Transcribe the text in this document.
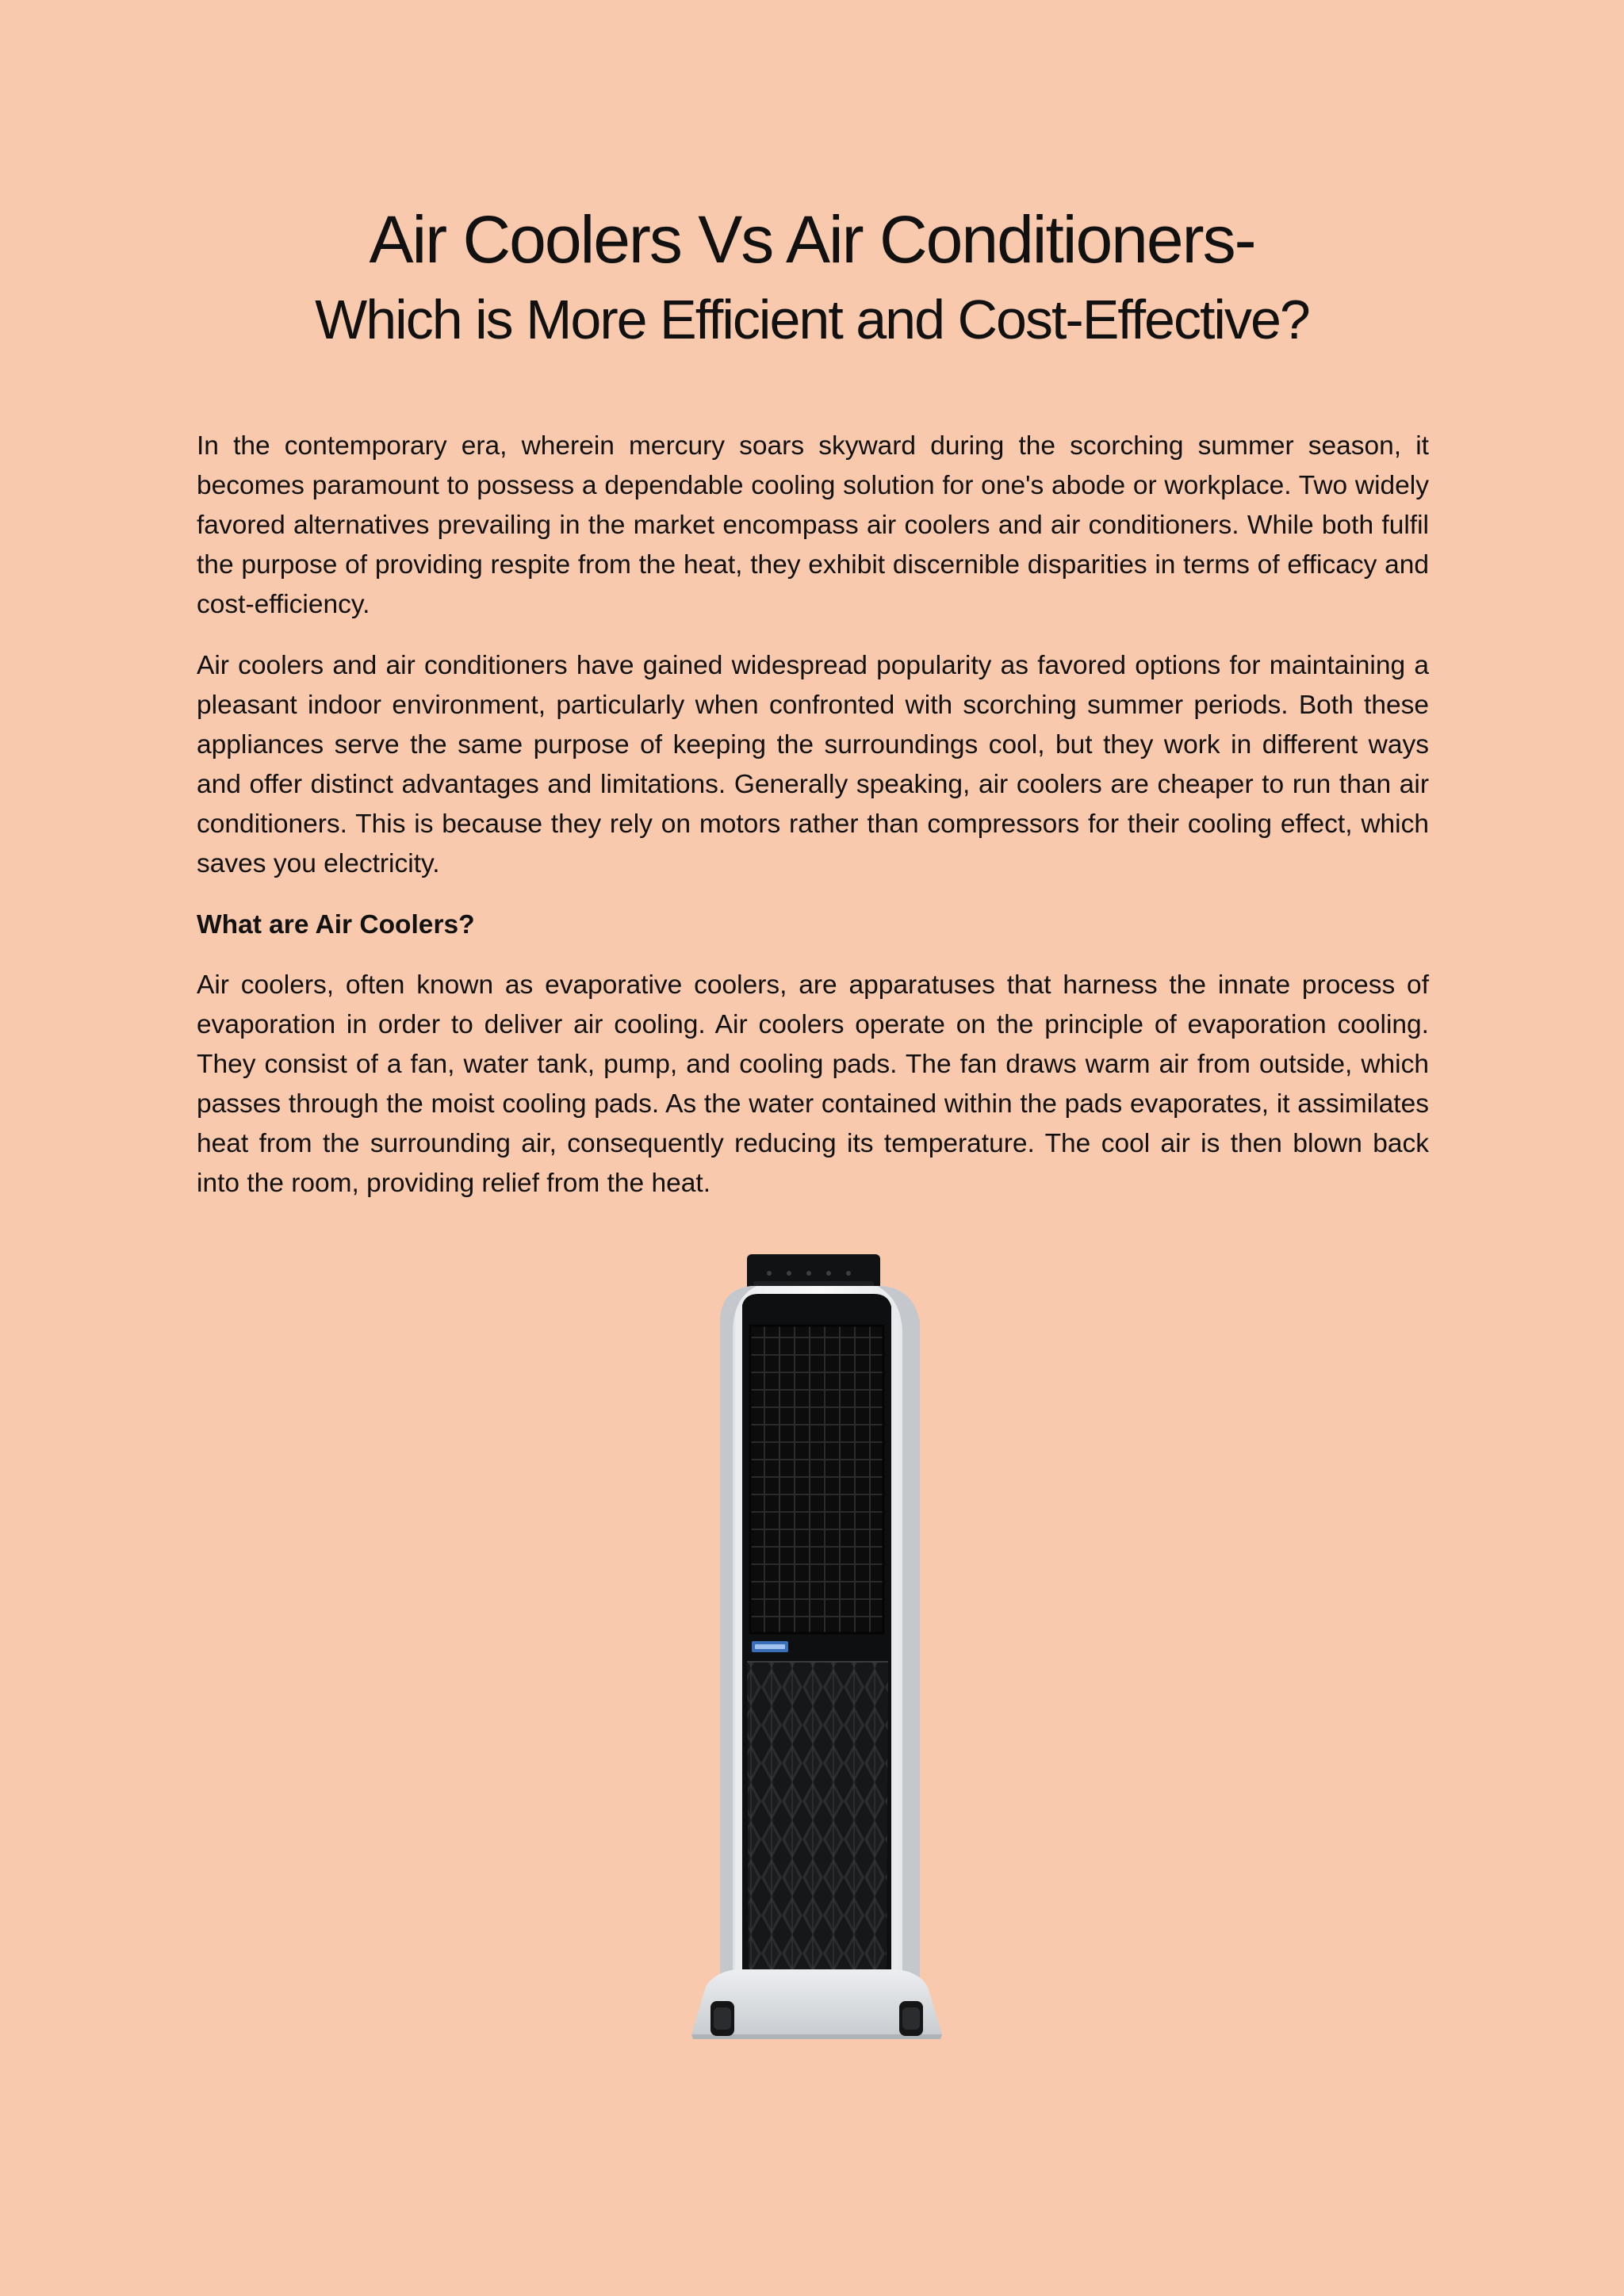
Air Coolers Vs Air Conditioners-
Which is More Efficient and Cost-Effective?

In the contemporary era, wherein mercury soars skyward during the scorching summer season, it becomes paramount to possess a dependable cooling solution for one's abode or workplace. Two widely favored alternatives prevailing in the market encompass air coolers and air conditioners. While both fulfil the purpose of providing respite from the heat, they exhibit discernible disparities in terms of efficacy and cost-efficiency.

Air coolers and air conditioners have gained widespread popularity as favored options for maintaining a pleasant indoor environment, particularly when confronted with scorching summer periods. Both these appliances serve the same purpose of keeping the surroundings cool, but they work in different ways and offer distinct advantages and limitations. Generally speaking, air coolers are cheaper to run than air conditioners. This is because they rely on motors rather than compressors for their cooling effect, which saves you electricity.

What are Air Coolers?

Air coolers, often known as evaporative coolers, are apparatuses that harness the innate process of evaporation in order to deliver air cooling. Air coolers operate on the principle of evaporation cooling. They consist of a fan, water tank, pump, and cooling pads. The fan draws warm air from outside, which passes through the moist cooling pads. As the water contained within the pads evaporates, it assimilates heat from the surrounding air, consequently reducing its temperature. The cool air is then blown back into the room, providing relief from the heat.
